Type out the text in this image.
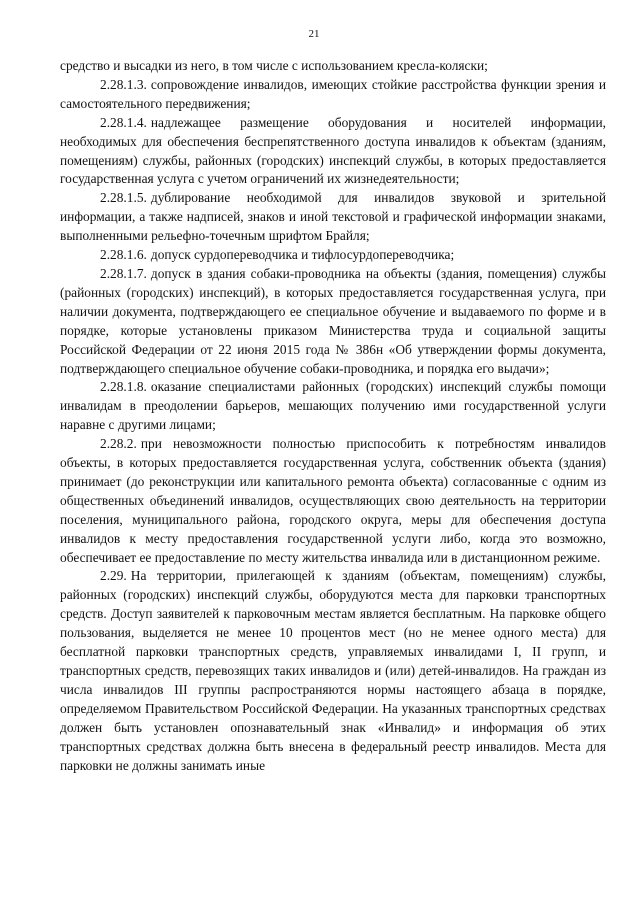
21

средство и высадки из него, в том числе с использованием кресла-коляски;

2.28.1.3. сопровождение инвалидов, имеющих стойкие расстройства функции зрения и самостоятельного передвижения;

2.28.1.4. надлежащее размещение оборудования и носителей информации, необходимых для обеспечения беспрепятственного доступа инвалидов к объектам (зданиям, помещениям) службы, районных (городских) инспекций службы, в которых предоставляется государственная услуга с учетом ограничений их жизнедеятельности;

2.28.1.5. дублирование необходимой для инвалидов звуковой и зрительной информации, а также надписей, знаков и иной текстовой и графической информации знаками, выполненными рельефно-точечным шрифтом Брайля;

2.28.1.6. допуск сурдопереводчика и тифлосурдопереводчика;

2.28.1.7. допуск в здания собаки-проводника на объекты (здания, помещения) службы (районных (городских) инспекций), в которых предоставляется государственная услуга, при наличии документа, подтверждающего ее специальное обучение и выдаваемого по форме и в порядке, которые установлены приказом Министерства труда и социальной защиты Российской Федерации от 22 июня 2015 года № 386н «Об утверждении формы документа, подтверждающего специальное обучение собаки-проводника, и порядка его выдачи»;

2.28.1.8. оказание специалистами районных (городских) инспекций службы помощи инвалидам в преодолении барьеров, мешающих получению ими государственной услуги наравне с другими лицами;

2.28.2. при невозможности полностью приспособить к потребностям инвалидов объекты, в которых предоставляется государственная услуга, собственник объекта (здания) принимает (до реконструкции или капитального ремонта объекта) согласованные с одним из общественных объединений инвалидов, осуществляющих свою деятельность на территории поселения, муниципального района, городского округа, меры для обеспечения доступа инвалидов к месту предоставления государственной услуги либо, когда это возможно, обеспечивает ее предоставление по месту жительства инвалида или в дистанционном режиме.

2.29. На территории, прилегающей к зданиям (объектам, помещениям) службы, районных (городских) инспекций службы, оборудуются места для парковки транспортных средств. Доступ заявителей к парковочным местам является бесплатным. На парковке общего пользования, выделяется не менее 10 процентов мест (но не менее одного места) для бесплатной парковки транспортных средств, управляемых инвалидами I, II групп, и транспортных средств, перевозящих таких инвалидов и (или) детей-инвалидов. На граждан из числа инвалидов III группы распространяются нормы настоящего абзаца в порядке, определяемом Правительством Российской Федерации. На указанных транспортных средствах должен быть установлен опознавательный знак «Инвалид» и информация об этих транспортных средствах должна быть внесена в федеральный реестр инвалидов. Места для парковки не должны занимать иные
